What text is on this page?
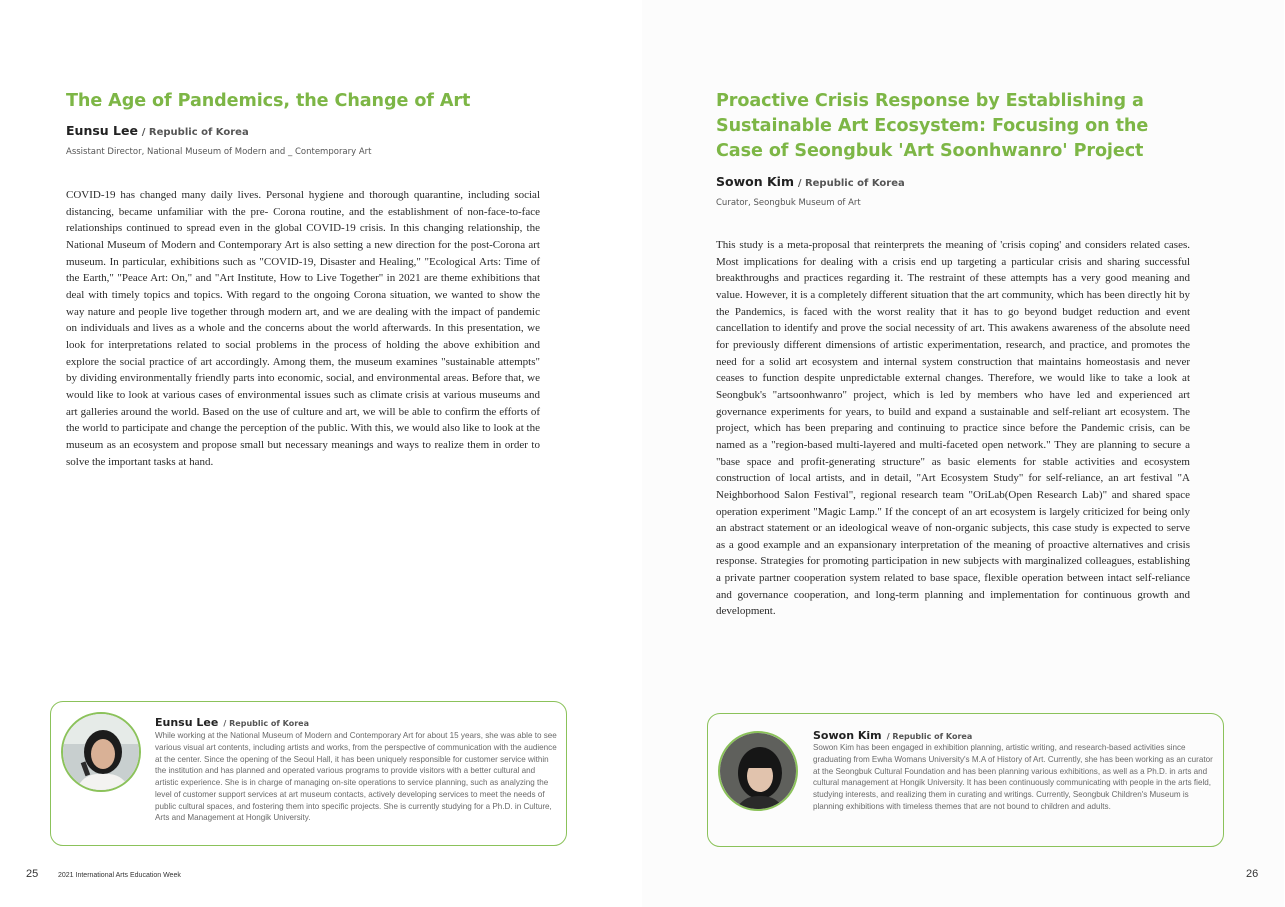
The Age of Pandemics, the Change of Art
Eunsu Lee / Republic of Korea
Assistant Director, National Museum of Modern and _ Contemporary Art

COVID-19 has changed many daily lives. Personal hygiene and thorough quarantine, including social distancing, became unfamiliar with the pre- Corona routine, and the establishment of non-face-to-face relationships continued to spread even in the global COVID-19 crisis. In this changing relationship, the National Museum of Modern and Contemporary Art is also setting a new direction for the post-Corona art museum. In particular, exhibitions such as "COVID-19, Disaster and Healing," "Ecological Arts: Time of the Earth," "Peace Art: On," and "Art Institute, How to Live Together" in 2021 are theme exhibitions that deal with timely topics and topics. With regard to the ongoing Corona situation, we wanted to show the way nature and people live together through modern art, and we are dealing with the impact of pandemic on individuals and lives as a whole and the concerns about the world afterwards. In this presentation, we look for interpretations related to social problems in the process of holding the above exhibition and explore the social practice of art accordingly. Among them, the museum examines "sustainable attempts" by dividing environmentally friendly parts into economic, social, and environmental areas. Before that, we would like to look at various cases of environmental issues such as climate crisis at various museums and art galleries around the world. Based on the use of culture and art, we will be able to confirm the efforts of the world to participate and change the perception of the public. With this, we would also like to look at the museum as an ecosystem and propose small but necessary meanings and ways to realize them in order to solve the important tasks at hand.

Eunsu Lee / Republic of Korea

While working at the National Museum of Modern and Contemporary Art for about 15 years, she was able to see various visual art contents, including artists and works, from the perspective of communication with the audience at the center. Since the opening of the Seoul Hall, it has been uniquely responsible for customer service within the institution and has planned and operated various programs to provide visitors with a better cultural and artistic experience. She is in charge of managing on-site operations to service planning, such as analyzing the level of customer support services at art museum contacts, actively developing services to meet the needs of public cultural spaces, and fostering them into specific projects. She is currently studying for a Ph.D. in Culture, Arts and Management at Hongik University.

25	2021 International Arts Education Week
Proactive Crisis Response by Establishing a Sustainable Art Ecosystem: Focusing on the Case of Seongbuk 'Art Soonhwanro' Project
Sowon Kim / Republic of Korea
Curator, Seongbuk Museum of Art

This study is a meta-proposal that reinterprets the meaning of 'crisis coping' and considers related cases. Most implications for dealing with a crisis end up targeting a particular crisis and sharing successful breakthroughs and practices regarding it. The restraint of these attempts has a very good meaning and value. However, it is a completely different situation that the art community, which has been directly hit by the Pandemics, is faced with the worst reality that it has to go beyond budget reduction and event cancellation to identify and prove the social necessity of art. This awakens awareness of the absolute need for previously different dimensions of artistic experimentation, research, and practice, and promotes the need for a solid art ecosystem and internal system construction that maintains homeostasis and never ceases to function despite unpredictable external changes. Therefore, we would like to take a look at Seongbuk's "artsoonhwanro" project, which is led by members who have led and experienced art governance experiments for years, to build and expand a sustainable and self-reliant art ecosystem. The project, which has been preparing and continuing to practice since before the Pandemic crisis, can be named as a "region-based multi-layered and multi-faceted open network." They are planning to secure a "base space and profit-generating structure" as basic elements for stable activities and ecosystem construction of local artists, and in detail, "Art Ecosystem Study" for self-reliance, an art festival "A Neighborhood Salon Festival", regional research team "OriLab(Open Research Lab)" and shared space operation experiment "Magic Lamp." If the concept of an art ecosystem is largely criticized for being only an abstract statement or an ideological weave of non-organic subjects, this case study is expected to serve as a good example and an expansionary interpretation of the meaning of proactive alternatives and crisis response. Strategies for promoting participation in new subjects with marginalized colleagues, establishing a private partner cooperation system related to base space, flexible operation between intact self-reliance and governance cooperation, and long-term planning and implementation for continuous growth and development.

Sowon Kim / Republic of Korea

Sowon Kim has been engaged in exhibition planning, artistic writing, and research-based activities since graduating from Ewha Womans University's M.A of History of Art. Currently, she has been working as an curator at the Seongbuk Cultural Foundation and has been planning various exhibitions, as well as a Ph.D. in arts and cultural management at Hongik University. It has been continuously communicating with people in the arts field, studying interests, and realizing them in curating and writings. Currently, Seongbuk Children's Museum is planning exhibitions with timeless themes that are not bound to children and adults.

26
